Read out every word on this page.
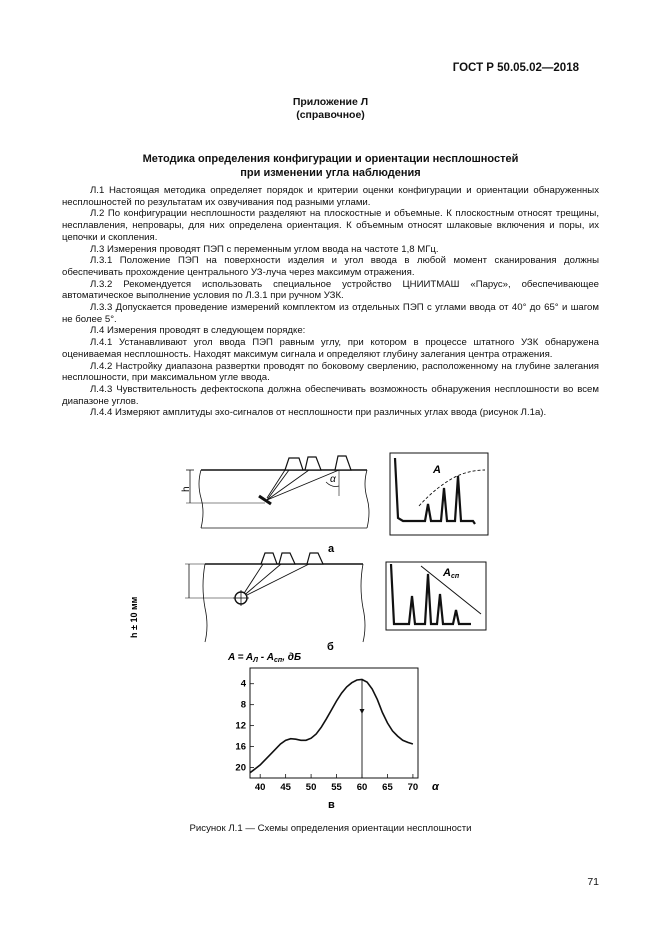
ГОСТ Р 50.05.02—2018
Приложение Л
(справочное)
Методика определения конфигурации и ориентации несплошностей
при изменении угла наблюдения

Л.1 Настоящая методика определяет порядок и критерии оценки конфигурации и ориентации обнаруженных несплошностей по результатам их озвучивания под разными углами.

Л.2 По конфигурации несплошности разделяют на плоскостные и объемные. К плоскостным относят трещины, несплавления, непровары, для них определена ориентация. К объемным относят шлаковые включения и поры, их цепочки и скопления.

Л.3 Измерения проводят ПЭП с переменным углом ввода на частоте 1,8 МГц.

Л.3.1 Положение ПЭП на поверхности изделия и угол ввода в любой момент сканирования должны обеспечивать прохождение центрального УЗ-луча через максимум отражения.

Л.3.2 Рекомендуется использовать специальное устройство ЦНИИТМАШ «Парус», обеспечивающее автоматическое выполнение условия по Л.3.1 при ручном УЗК.

Л.3.3 Допускается проведение измерений комплектом из отдельных ПЭП с углами ввода от 40° до 65° и шагом не более 5°.

Л.4 Измерения проводят в следующем порядке:

Л.4.1 Устанавливают угол ввода ПЭП равным углу, при котором в процессе штатного УЗК обнаружена оцениваемая несплошность. Находят максимум сигнала и определяют глубину залегания центра отражения.

Л.4.2 Настройку диапазона развертки проводят по боковому сверлению, расположенному на глубине залегания несплошности, при максимальном угле ввода.

Л.4.3 Чувствительность дефектоскопа должна обеспечивать возможность обнаружения несплошности во всем диапазоне углов.

Л.4.4 Измеряют амплитуды эхо-сигналов от несплошности при различных углах ввода (рисунок Л.1а).

h
α
A
а
h ± 10 мм
Aсп
б
$A = A_Л - A_{сп}$, дБ
40 45 50 55 60 65 70
4
8
12
16
20
α
в
Рисунок Л.1 — Схемы определения ориентации несплошности
71
